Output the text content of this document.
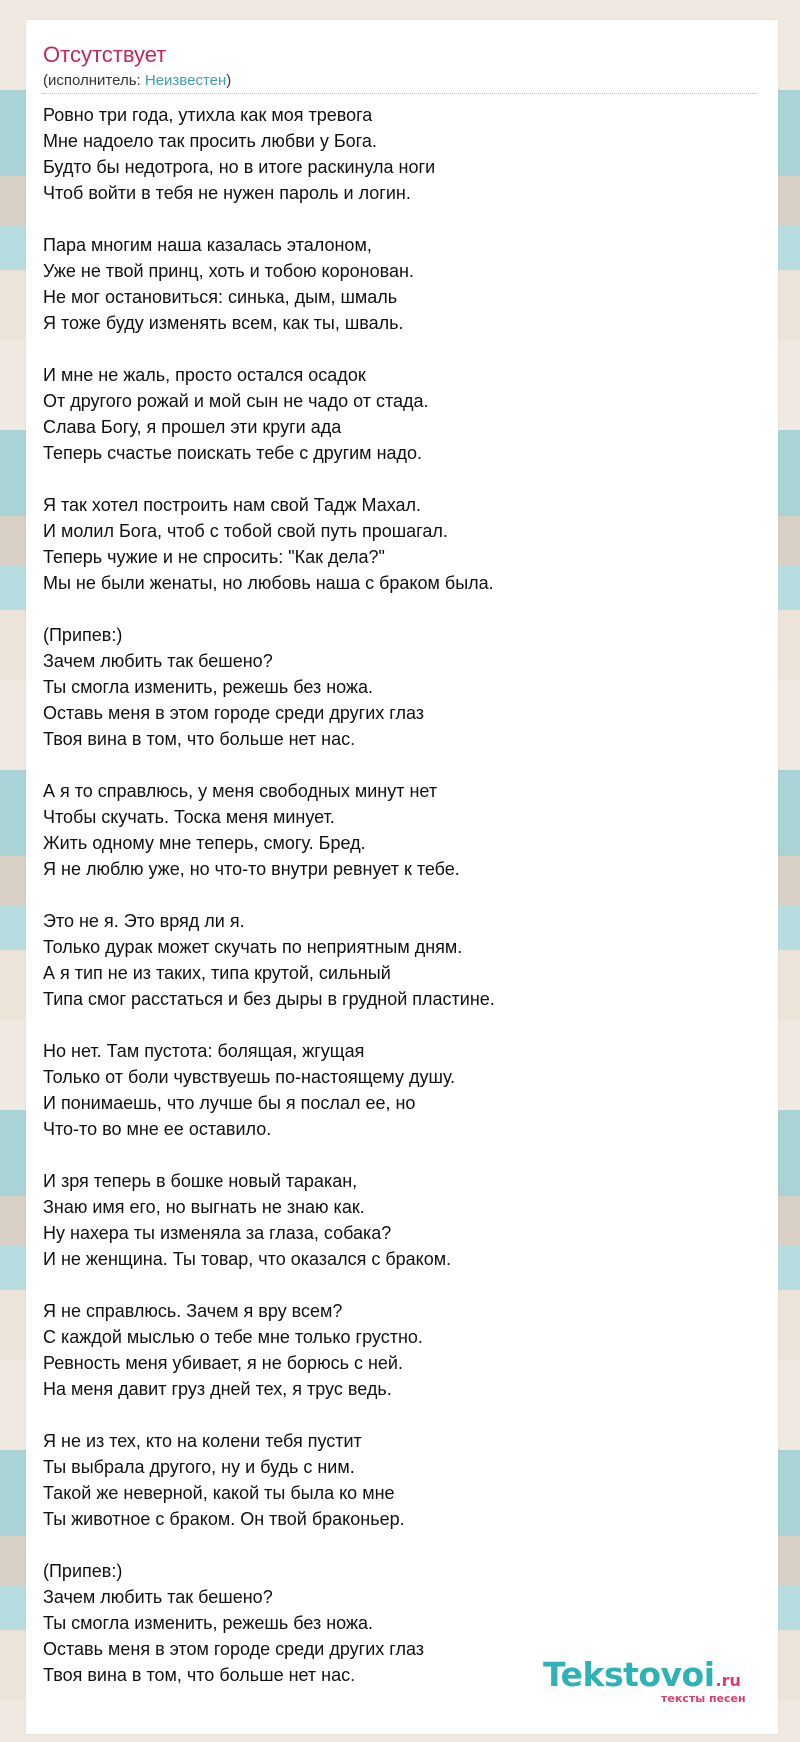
Отсутствует
(исполнитель: Неизвестен)
Ровно три года, утихла как моя тревога
Мне надоело так просить любви у Бога.
Будто бы недотрога, но в итоге раскинула ноги
Чтоб войти в тебя не нужен пароль и логин.
Пара многим наша казалась эталоном,
Уже не твой принц, хоть и тобою коронован.
Не мог остановиться: синька, дым, шмаль
Я тоже буду изменять всем, как ты, шваль.
И мне не жаль, просто остался осадок
От другого рожай и мой сын не чадо от стада.
Слава Богу, я прошел эти круги ада
Теперь счастье поискать тебе с другим надо.
Я так хотел построить нам свой Тадж Махал.
И молил Бога, чтоб с тобой свой путь прошагал.
Теперь чужие и не спросить: "Как дела?"
Мы не были женаты, но любовь наша с браком была.
(Припев:)
Зачем любить так бешено?
Ты смогла изменить, режешь без ножа.
Оставь меня в этом городе среди других глаз
Твоя вина в том, что больше нет нас.
А я то справлюсь, у меня свободных минут нет
Чтобы скучать. Тоска меня минует.
Жить одному мне теперь, смогу. Бред.
Я не люблю уже, но что-то внутри ревнует к тебе.
Это не я. Это вряд ли я.
Только дурак может скучать по неприятным дням.
А я тип не из таких, типа крутой, сильный
Типа смог расстаться и без дыры в грудной пластине.
Но нет. Там пустота: болящая, жгущая
Только от боли чувствуешь по-настоящему душу.
И понимаешь, что лучше бы я послал ее, но
Что-то во мне ее оставило.
И зря теперь в бошке новый таракан,
Знаю имя его, но выгнать не знаю как.
Ну нахера ты изменяла за глаза, собака?
И не женщина. Ты товар, что оказался с браком.
Я не справлюсь. Зачем я вру всем?
С каждой мыслью о тебе мне только грустно.
Ревность меня убивает, я не борюсь с ней.
На меня давит груз дней тех, я трус ведь.
Я не из тех, кто на колени тебя пустит
Ты выбрала другого, ну и будь с ним.
Такой же неверной, какой ты была ко мне
Ты животное с браком. Он твой браконьер.
(Припев:)
Зачем любить так бешено?
Ты смогла изменить, режешь без ножа.
Оставь меня в этом городе среди других глаз
Твоя вина в том, что больше нет нас.	Tekstovoi.ru
тексты песен
